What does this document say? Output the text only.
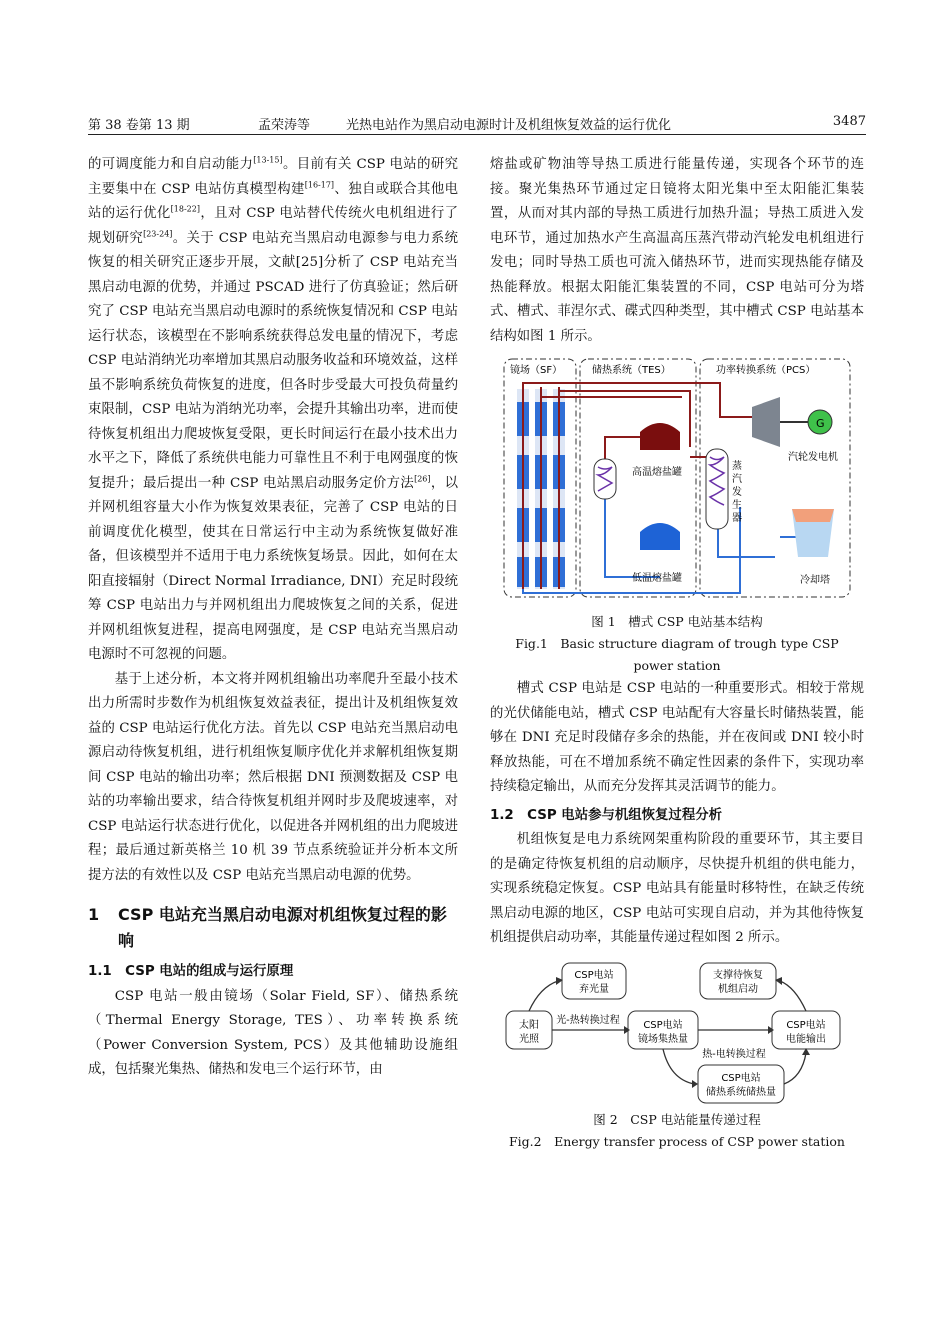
第 38 卷第 13 期	孟荣涛等	光热电站作为黑启动电源时计及机组恢复效益的运行优化	3487

的可调度能力和自启动能力[13-15]。目前有关 CSP 电站的研究主要集中在 CSP 电站仿真模型构建[16-17]、独自或联合其他电站的运行优化[18-22]，且对 CSP 电站替代传统火电机组进行了规划研究[23-24]。关于 CSP 电站充当黑启动电源参与电力系统恢复的相关研究正逐步开展，文献[25]分析了 CSP 电站充当黑启动电源的优势，并通过 PSCAD 进行了仿真验证；然后研究了 CSP 电站充当黑启动电源时的系统恢复情况和 CSP 电站运行状态，该模型在不影响系统获得总发电量的情况下，考虑 CSP 电站消纳光功率增加其黑启动服务收益和环境效益，这样虽不影响系统负荷恢复的进度，但各时步受最大可投负荷量约束限制，CSP 电站为消纳光功率，会提升其输出功率，进而使待恢复机组出力爬坡恢复受限，更长时间运行在最小技术出力水平之下，降低了系统供电能力可靠性且不利于电网强度的恢复提升；最后提出一种 CSP 电站黑启动服务定价方法[26]，以并网机组容量大小作为恢复效果表征，完善了 CSP 电站的日前调度优化模型，使其在日常运行中主动为系统恢复做好准备，但该模型并不适用于电力系统恢复场景。因此，如何在太阳直接辐射（Direct Normal Irradiance, DNI）充足时段统筹 CSP 电站出力与并网机组出力爬坡恢复之间的关系，促进并网机组恢复进程，提高电网强度，是 CSP 电站充当黑启动电源时不可忽视的问题。

基于上述分析，本文将并网机组输出功率爬升至最小技术出力所需时步数作为机组恢复效益表征，提出计及机组恢复效益的 CSP 电站运行优化方法。首先以 CSP 电站充当黑启动电源启动待恢复机组，进行机组恢复顺序优化并求解机组恢复期间 CSP 电站的输出功率；然后根据 DNI 预测数据及 CSP 电站的功率输出要求，结合待恢复机组并网时步及爬坡速率，对 CSP 电站运行状态进行优化，以促进各并网机组的出力爬坡进程；最后通过新英格兰 10 机 39 节点系统验证并分析本文所提方法的有效性以及 CSP 电站充当黑启动电源的优势。

1	CSP 电站充当黑启动电源对机组恢复过程的影响
1.1　CSP 电站的组成与运行原理

CSP 电站一般由镜场（Solar Field, SF）、储热系统（Thermal Energy Storage, TES）、功率转换系统（Power Conversion System, PCS）及其他辅助设施组成，包括聚光集热、储热和发电三个运行环节，由

熔盐或矿物油等导热工质进行能量传递，实现各个环节的连接。聚光集热环节通过定日镜将太阳光集中至太阳能汇集装置，从而对其内部的导热工质进行加热升温；导热工质进入发电环节，通过加热水产生高温高压蒸汽带动汽轮发电机组进行发电；同时导热工质也可流入储热环节，进而实现热能存储及热能释放。根据太阳能汇集装置的不同，CSP 电站可分为塔式、槽式、菲涅尔式、碟式四种类型，其中槽式 CSP 电站基本结构如图 1 所示。

镜场（SF）	储热系统（TES）	功率转换系统（PCS）
高温熔盐罐
低温熔盐罐
蒸
汽
发
生
器
G
汽轮发电机
冷却塔
图 1　槽式 CSP 电站基本结构
Fig.1　Basic structure diagram of trough type CSP
power station

槽式 CSP 电站是 CSP 电站的一种重要形式。相较于常规的光伏储能电站，槽式 CSP 电站配有大容量长时储热装置，能够在 DNI 充足时段储存多余的热能，并在夜间或 DNI 较小时释放热能，可在不增加系统不确定性因素的条件下，实现功率持续稳定输出，从而充分发挥其灵活调节的能力。

1.2　CSP 电站参与机组恢复过程分析

机组恢复是电力系统网架重构阶段的重要环节，其主要目的是确定待恢复机组的启动顺序，尽快提升机组的供电能力，实现系统稳定恢复。CSP 电站具有能量时移特性，在缺乏传统黑启动电源的地区，CSP 电站可实现自启动，并为其他待恢复机组提供启动功率，其能量传递过程如图 2 所示。

太阳
光照
CSP电站
弃光量
CSP电站
镜场集热量
CSP电站
电能输出
支撑待恢复
机组启动
CSP电站
储热系统储热量
光-热转换过程
热-电转换过程
图 2　CSP 电站能量传递过程
Fig.2　Energy transfer process of CSP power station
